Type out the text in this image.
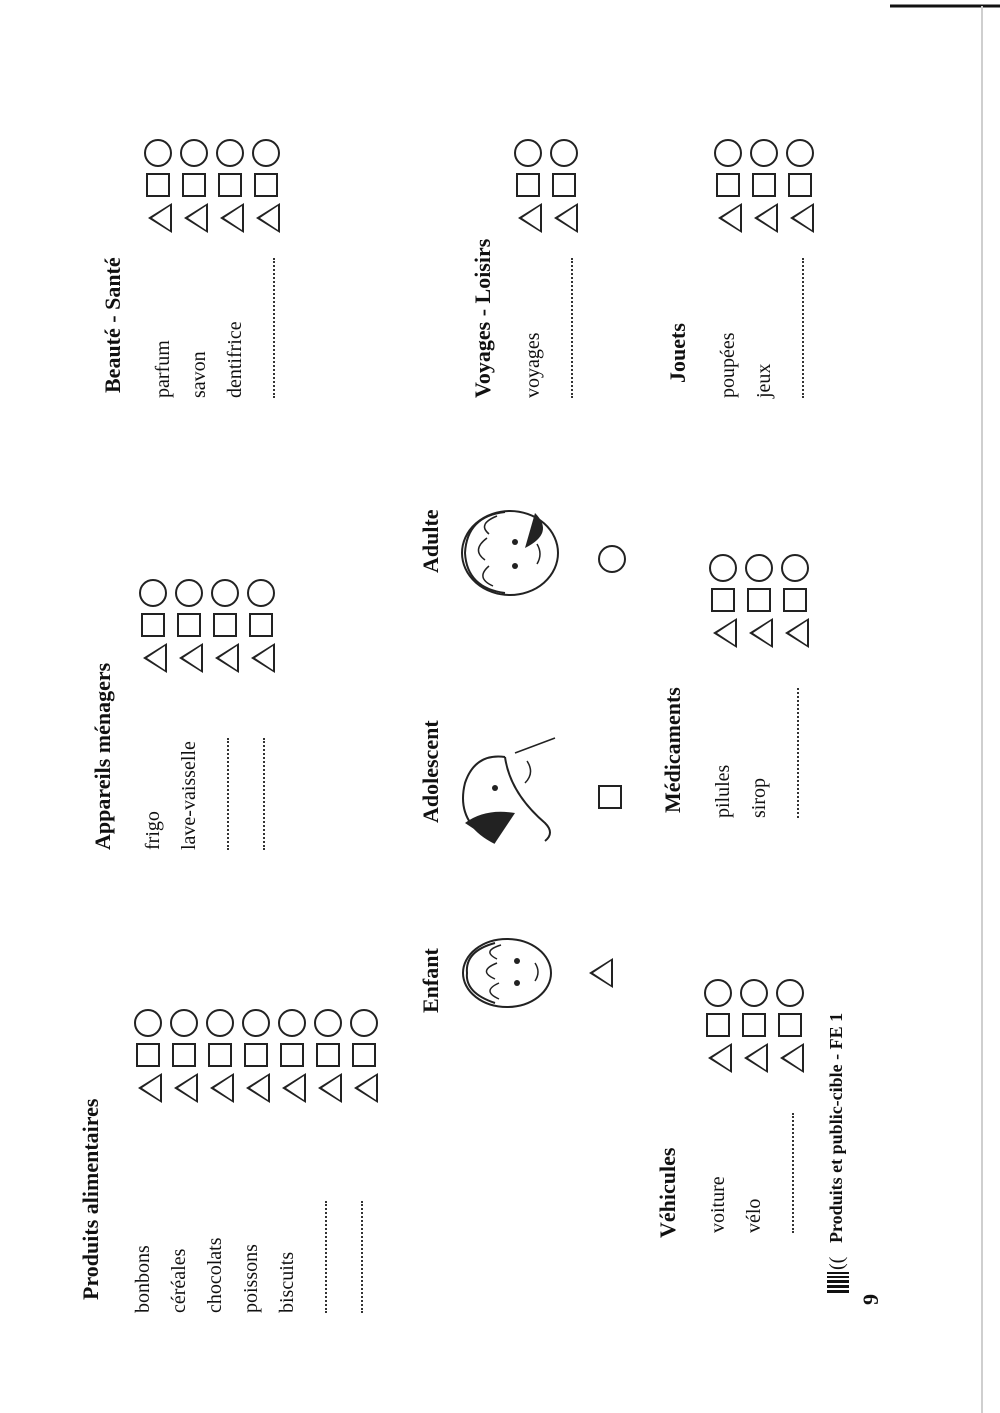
Produits alimentaires	bonbons céréales chocolats poissons biscuits
Appareils ménagers	frigo lave-vaisselle
Beauté - Santé	parfum savon dentifrice
Enfant
Adolescent
Adulte
Voyages - Loisirs	voyages
Véhicules	voiture vélo
Médicaments	pilules sirop
Jouets	poupées jeux
((
Produits et public-cible - FE 1
9
